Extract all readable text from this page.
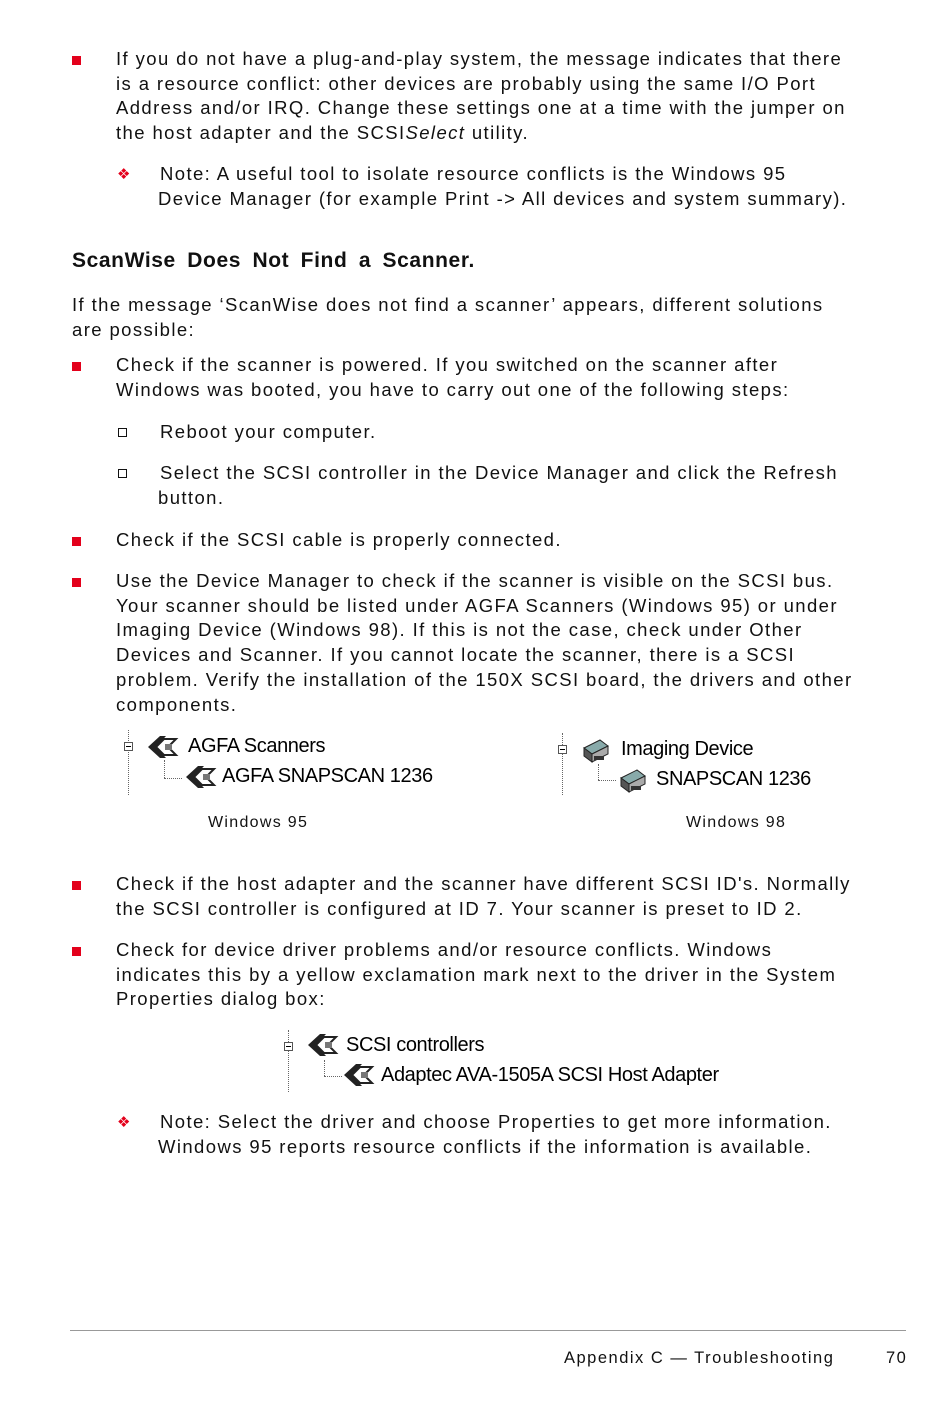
If you do not have a plug-and-play system, the message indicates that there
is a resource conflict: other devices are probably using the same I/O Port
Address and/or IRQ. Change these settings one at a time with the jumper on
the host adapter and the SCSISelect utility.
❖ Note: A useful tool to isolate resource conflicts is the Windows 95
Device Manager (for example Print -> All devices and system summary).
ScanWise Does Not Find a Scanner.
If the message ‘ScanWise does not find a scanner’ appears, different solutions
are possible:
Check if the scanner is powered. If you switched on the scanner after
Windows was booted, you have to carry out one of the following steps:
Reboot your computer.
Select the SCSI controller in the Device Manager and click the Refresh
button.
Check if the SCSI cable is properly connected.
Use the Device Manager to check if the scanner is visible on the SCSI bus.
Your scanner should be listed under AGFA Scanners (Windows 95) or under
Imaging Device (Windows 98). If this is not the case, check under Other
Devices and Scanner. If you cannot locate the scanner, there is a SCSI
problem. Verify the installation of the 150X SCSI board, the drivers and other
components.
AGFA Scanners
AGFA SNAPSCAN 1236
Windows 95
Imaging Device
SNAPSCAN 1236
Windows 98
Check if the host adapter and the scanner have different SCSI ID's. Normally
the SCSI controller is configured at ID 7. Your scanner is preset to ID 2.
Check for device driver problems and/or resource conflicts. Windows
indicates this by a yellow exclamation mark next to the driver in the System
Properties dialog box:
SCSI controllers
Adaptec AVA-1505A SCSI Host Adapter
❖ Note: Select the driver and choose Properties to get more information.
Windows 95 reports resource conflicts if the information is available.
Appendix C — Troubleshooting	70
